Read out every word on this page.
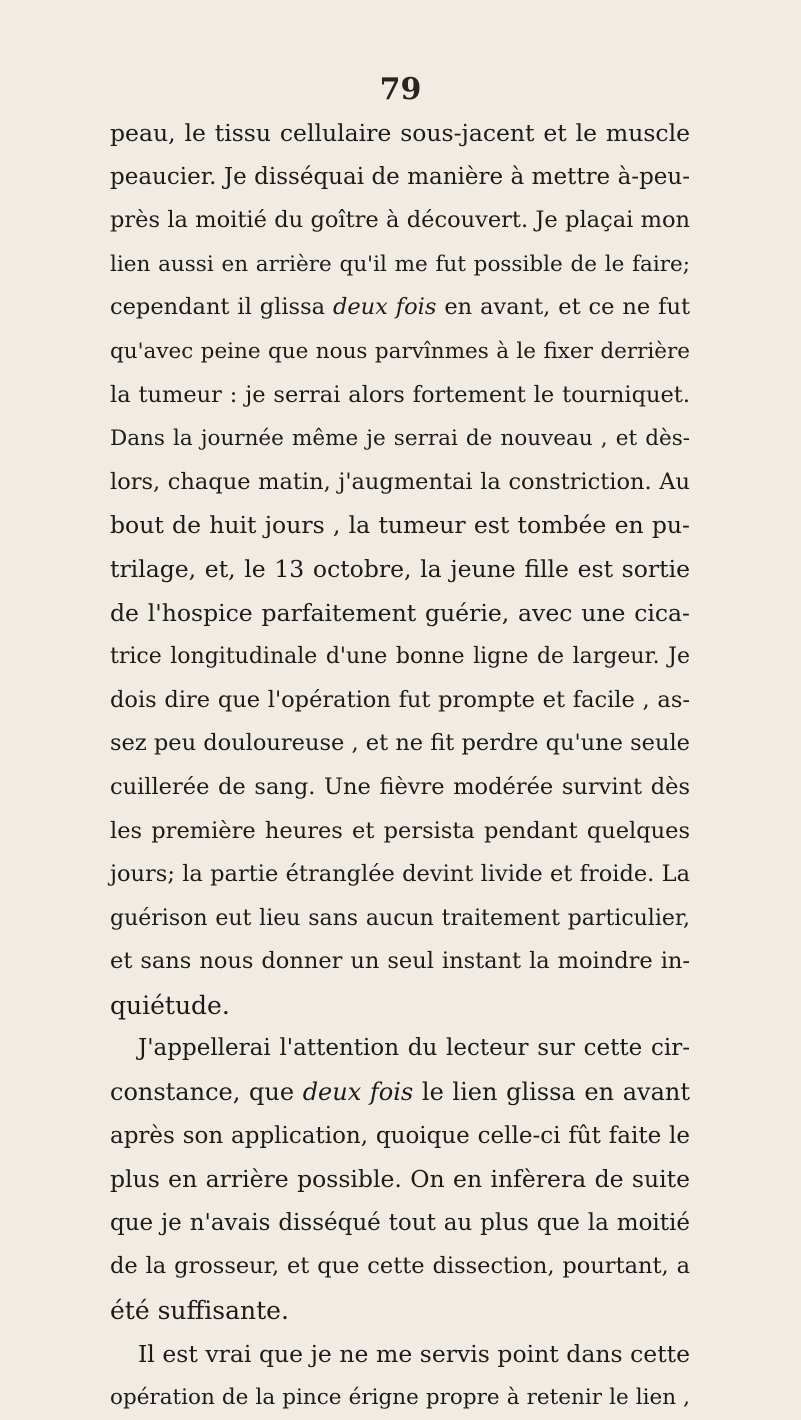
79
peau, le tissu cellulaire sous-jacent et le muscle
peaucier. Je disséquai de manière à mettre à-peu-
près la moitié du goître à découvert. Je plaçai mon
lien aussi en arrière qu'il me fut possible de le faire;
cependant il glissa deux fois en avant, et ce ne fut
qu'avec peine que nous parvînmes à le fixer derrière
la tumeur : je serrai alors fortement le tourniquet.
Dans la journée même je serrai de nouveau , et dès-
lors, chaque matin, j'augmentai la constriction. Au
bout de huit jours , la tumeur est tombée en pu-
trilage, et, le 13 octobre, la jeune fille est sortie
de l'hospice parfaitement guérie, avec une cica-
trice longitudinale d'une bonne ligne de largeur. Je
dois dire que l'opération fut prompte et facile , as-
sez peu douloureuse , et ne fit perdre qu'une seule
cuillerée de sang. Une fièvre modérée survint dès
les première heures et persista pendant quelques
jours; la partie étranglée devint livide et froide. La
guérison eut lieu sans aucun traitement particulier,
et sans nous donner un seul instant la moindre in-
quiétude.
J'appellerai l'attention du lecteur sur cette cir-
constance, que deux fois le lien glissa en avant
après son application, quoique celle-ci fût faite le
plus en arrière possible. On en infèrera de suite
que je n'avais disséqué tout au plus que la moitié
de la grosseur, et que cette dissection, pourtant, a
été suffisante.
Il est vrai que je ne me servis point dans cette
opération de la pince érigne propre à retenir le lien ,
